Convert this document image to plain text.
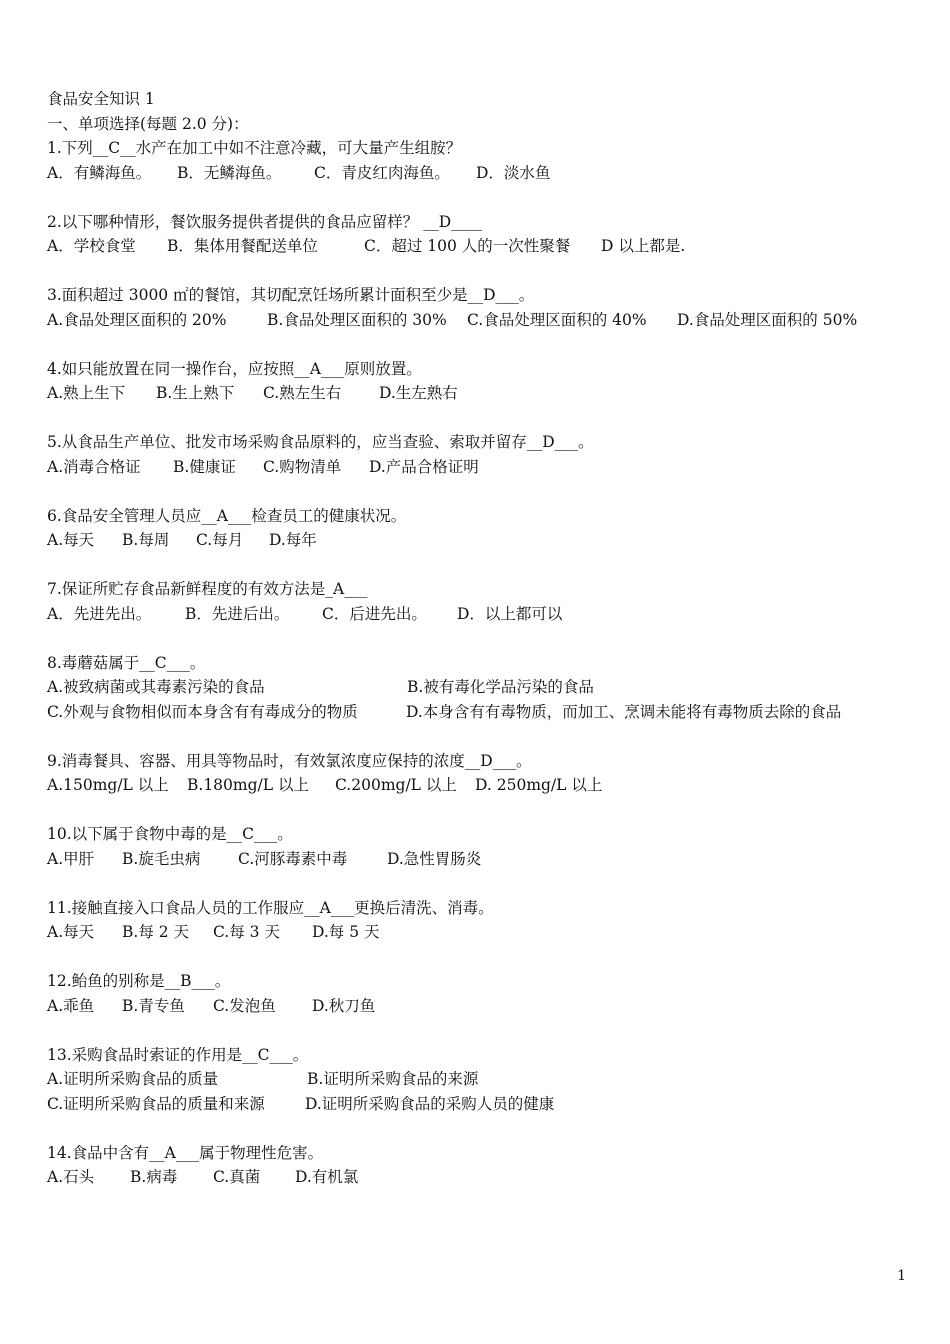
食品安全知识 1
一、单项选择(每题 2.0 分)：
1.下列__C__水产在加工中如不注意冷藏，可大量产生组胺？
A．有鳞海鱼。	B．无鳞海鱼。	C．青皮红肉海鱼。	D．淡水鱼
2.以下哪种情形，餐饮服务提供者提供的食品应留样？ __D____
A．学校食堂	B．集体用餐配送单位	C．超过 100 人的一次性聚餐	D 以上都是.
3.面积超过 3000 ㎡的餐馆，其切配烹饪场所累计面积至少是__D___。
A.食品处理区面积的 20%	B.食品处理区面积的 30%	C.食品处理区面积的 40%	D.食品处理区面积的 50%
4.如只能放置在同一操作台，应按照__A___原则放置。
A.熟上生下	B.生上熟下	C.熟左生右	D.生左熟右
5.从食品生产单位、批发市场采购食品原料的，应当查验、索取并留存__D___。
A.消毒合格证	B.健康证	C.购物清单	D.产品合格证明
6.食品安全管理人员应__A___检查员工的健康状况。
A.每天	B.每周	C.每月	D.每年
7.保证所贮存食品新鲜程度的有效方法是_A___
A．先进先出。	B．先进后出。	C．后进先出。	D．以上都可以
8.毒蘑菇属于__C___。
A.被致病菌或其毒素污染的食品	B.被有毒化学品污染的食品
C.外观与食物相似而本身含有有毒成分的物质	D.本身含有有毒物质，而加工、烹调未能将有毒物质去除的食品
9.消毒餐具、容器、用具等物品时，有效氯浓度应保持的浓度__D___。
A.150mg/L 以上	B.180mg/L 以上	C.200mg/L 以上	D. 250mg/L 以上
10.以下属于食物中毒的是__C___。
A.甲肝	B.旋毛虫病	C.河豚毒素中毒	D.急性胃肠炎
11.接触直接入口食品人员的工作服应__A___更换后清洗、消毒。
A.每天	B.每 2 天	C.每 3 天	D.每 5 天
12.鲐鱼的别称是__B___。
A.乖鱼	B.青专鱼	C.发泡鱼	D.秋刀鱼
13.采购食品时索证的作用是__C___。
A.证明所采购食品的质量	B.证明所采购食品的来源
C.证明所采购食品的质量和来源	D.证明所采购食品的采购人员的健康
14.食品中含有__A___属于物理性危害。
A.石头	B.病毒	C.真菌	D.有机氯
1
